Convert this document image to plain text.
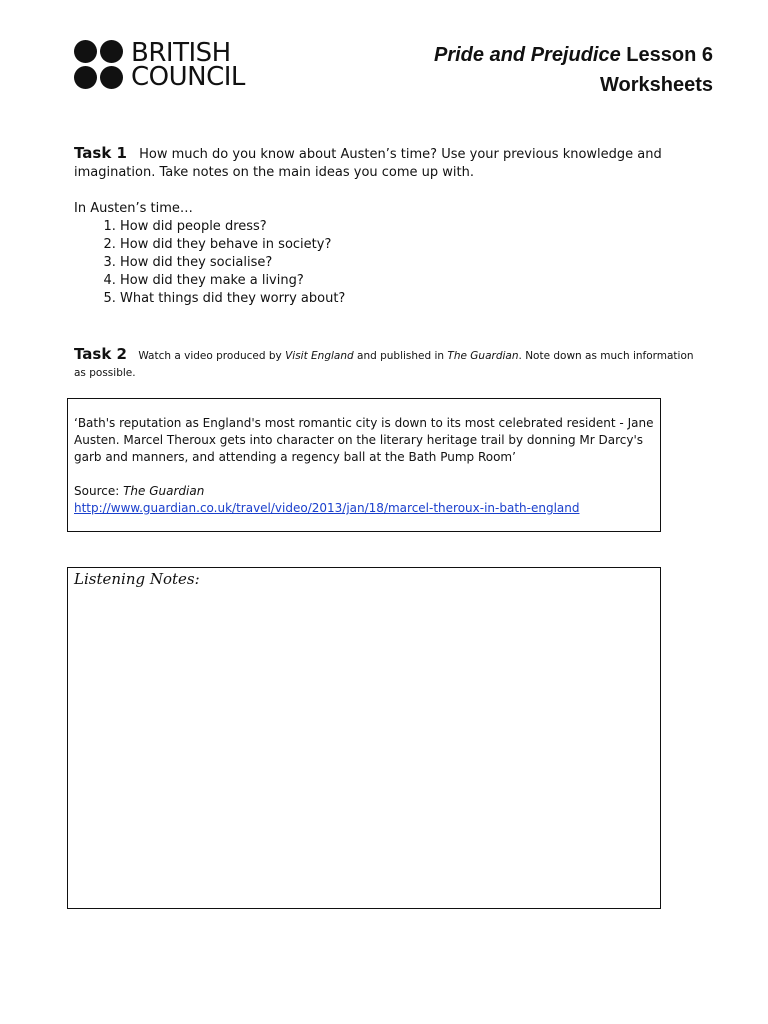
BRITISH
COUNCIL
Pride and Prejudice Lesson 6
Worksheets
Task 1 How much do you know about Austen’s time? Use your previous knowledge and imagination. Take notes on the main ideas you come up with.
In Austen’s time…
1. How did people dress?
2. How did they behave in society?
3. How did they socialise?
4. How did they make a living?
5. What things did they worry about?
Task 2 Watch a video produced by Visit England and published in The Guardian. Note down as much information as possible.
‘Bath's reputation as England's most romantic city is down to its most celebrated resident - Jane Austen. Marcel Theroux gets into character on the literary heritage trail by donning Mr Darcy's garb and manners, and attending a regency ball at the Bath Pump Room’
Source: The Guardian
http://www.guardian.co.uk/travel/video/2013/jan/18/marcel-theroux-in-bath-england
Listening Notes:
